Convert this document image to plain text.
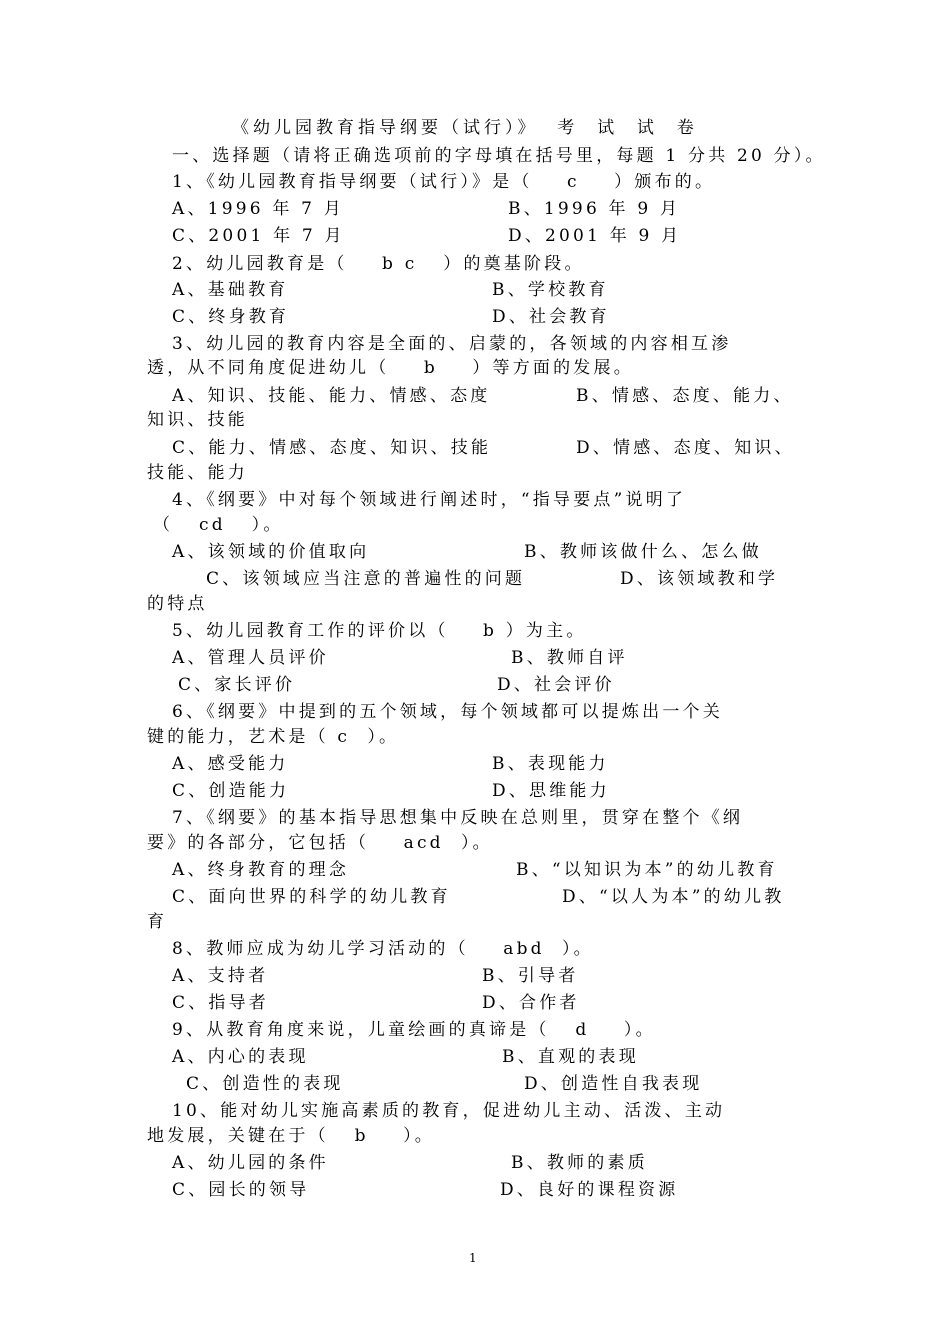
《幼儿园教育指导纲要（试行）》  考  试  试  卷
一、选择题（请将正确选项前的字母填在括号里，每题 1 分共 20 分）。
1、《幼儿园教育指导纲要（试行）》是（    c    ）颁布的。
A、1996 年 7 月	B、1996 年 9 月
C、2001 年 7 月	D、2001 年 9 月
2、幼儿园教育是（    b c   ）的奠基阶段。
A、基础教育	B、学校教育
C、终身教育	D、社会教育
3、幼儿园的教育内容是全面的、启蒙的，各领域的内容相互渗
透，从不同角度促进幼儿（    b    ）等方面的发展。
A、知识、技能、能力、情感、态度	B、情感、态度、能力、
知识、技能
C、能力、情感、态度、知识、技能	D、情感、态度、知识、
技能、能力
4、《纲要》中对每个领域进行阐述时，“指导要点”说明了
（   cd   ）。
A、该领域的价值取向	B、教师该做什么、怎么做
C、该领域应当注意的普遍性的问题	D、该领域教和学
的特点
5、幼儿园教育工作的评价以（    b ）为主。
A、管理人员评价	B、教师自评
C、家长评价	D、社会评价
6、《纲要》中提到的五个领域，每个领域都可以提炼出一个关
键的能力，艺术是（ c  ）。
A、感受能力	B、表现能力
C、创造能力	D、思维能力
7、《纲要》的基本指导思想集中反映在总则里，贯穿在整个《纲
要》的各部分，它包括（    acd  ）。
A、终身教育的理念	B、“以知识为本”的幼儿教育
C、面向世界的科学的幼儿教育	D、“以人为本”的幼儿教
育
8、教师应成为幼儿学习活动的（    abd  ）。
A、支持者	B、引导者
C、指导者	D、合作者
9、从教育角度来说，儿童绘画的真谛是（   d    ）。
A、内心的表现	B、直观的表现
C、创造性的表现	D、创造性自我表现
10、能对幼儿实施高素质的教育，促进幼儿主动、活泼、主动
地发展，关键在于（   b    ）。
A、幼儿园的条件	B、教师的素质
C、园长的领导	D、良好的课程资源
1
